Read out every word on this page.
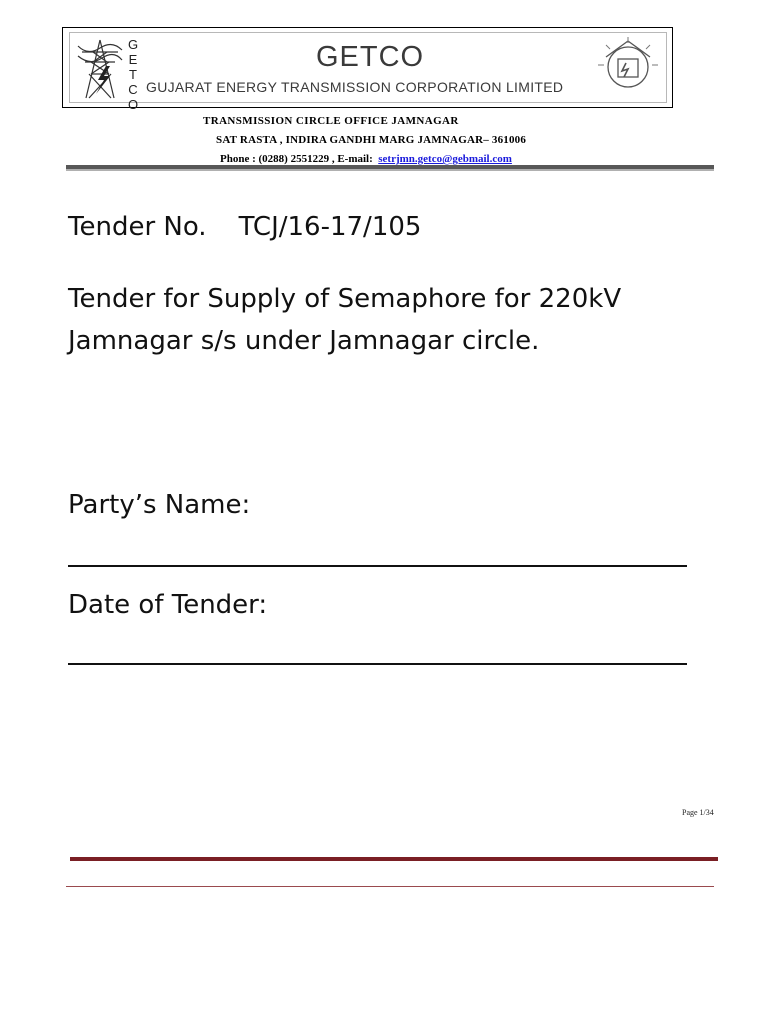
G
E
T
C
O
GETCO
GUJARAT ENERGY TRANSMISSION CORPORATION LIMITED
TRANSMISSION CIRCLE OFFICE JAMNAGAR
SAT RASTA , INDIRA GANDHI MARG JAMNAGAR– 361006
Phone : (0288) 2551229 , E-mail: setrjmn.getco@gebmail.com
Tender No. TCJ/16-17/105
Tender for Supply of Semaphore for 220kV
Jamnagar s/s under Jamnagar circle.
Party’s Name:
Date of Tender:
Page 1/34
